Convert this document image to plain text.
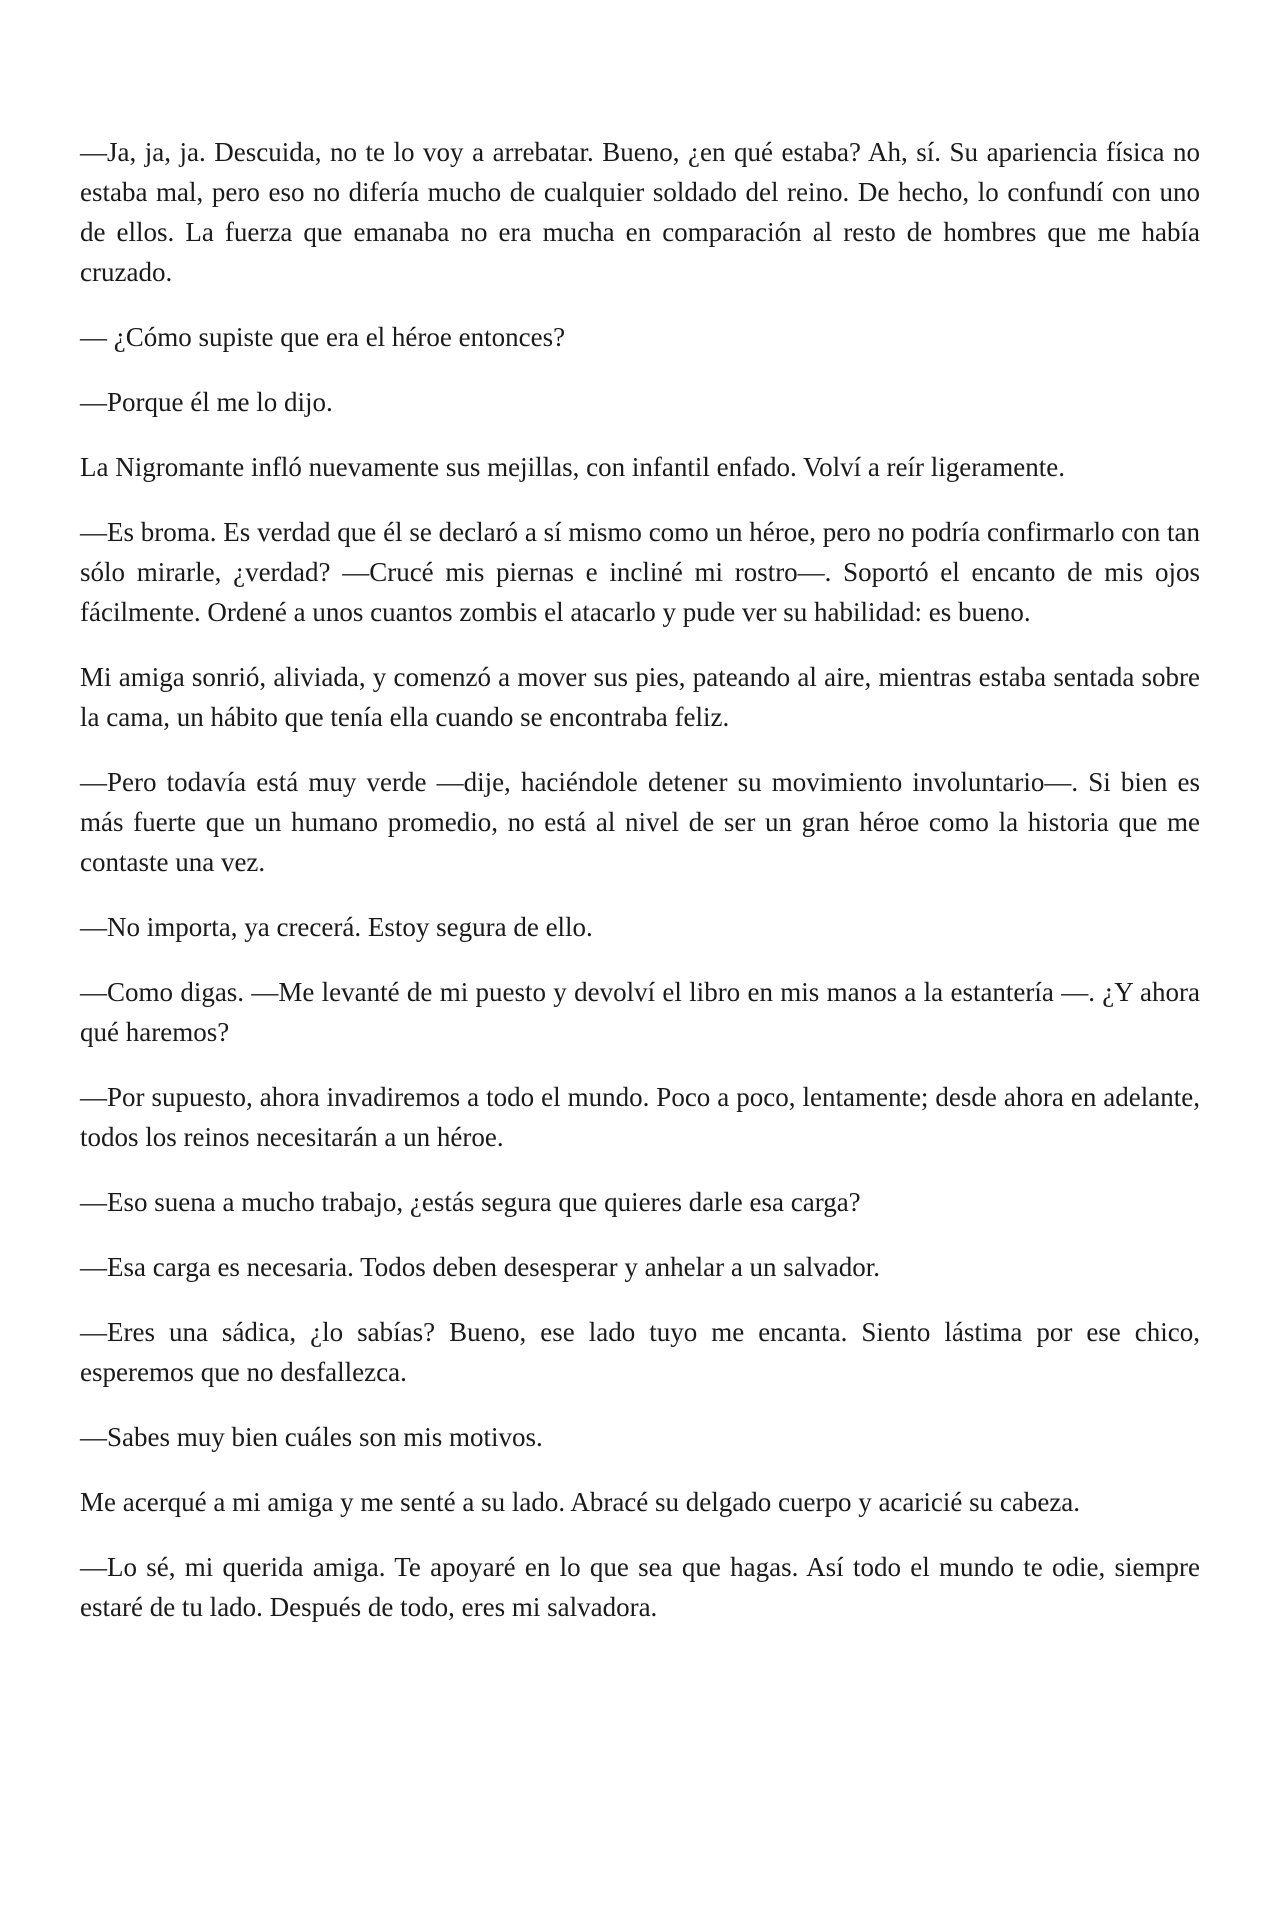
—Ja, ja, ja. Descuida, no te lo voy a arrebatar. Bueno, ¿en qué estaba? Ah, sí. Su apariencia física no estaba mal, pero eso no difería mucho de cualquier soldado del reino. De hecho, lo confundí con uno de ellos. La fuerza que emanaba no era mucha en comparación al resto de hombres que me había cruzado.

— ¿Cómo supiste que era el héroe entonces?

—Porque él me lo dijo.

La Nigromante infló nuevamente sus mejillas, con infantil enfado. Volví a reír ligeramente.

—Es broma. Es verdad que él se declaró a sí mismo como un héroe, pero no podría confirmarlo con tan sólo mirarle, ¿verdad? —Crucé mis piernas e incliné mi rostro—. Soportó el encanto de mis ojos fácilmente. Ordené a unos cuantos zombis el atacarlo y pude ver su habilidad: es bueno.

Mi amiga sonrió, aliviada, y comenzó a mover sus pies, pateando al aire, mientras estaba sentada sobre la cama, un hábito que tenía ella cuando se encontraba feliz.

—Pero todavía está muy verde —dije, haciéndole detener su movimiento involuntario—. Si bien es más fuerte que un humano promedio, no está al nivel de ser un gran héroe como la historia que me contaste una vez.

—No importa, ya crecerá. Estoy segura de ello.

—Como digas. —Me levanté de mi puesto y devolví el libro en mis manos a la estantería —. ¿Y ahora qué haremos?

—Por supuesto, ahora invadiremos a todo el mundo. Poco a poco, lentamente; desde ahora en adelante, todos los reinos necesitarán a un héroe.

—Eso suena a mucho trabajo, ¿estás segura que quieres darle esa carga?

—Esa carga es necesaria. Todos deben desesperar y anhelar a un salvador.

—Eres una sádica, ¿lo sabías? Bueno, ese lado tuyo me encanta. Siento lástima por ese chico, esperemos que no desfallezca.

—Sabes muy bien cuáles son mis motivos.

Me acerqué a mi amiga y me senté a su lado. Abracé su delgado cuerpo y acaricié su cabeza.

—Lo sé, mi querida amiga. Te apoyaré en lo que sea que hagas. Así todo el mundo te odie, siempre estaré de tu lado. Después de todo, eres mi salvadora.
